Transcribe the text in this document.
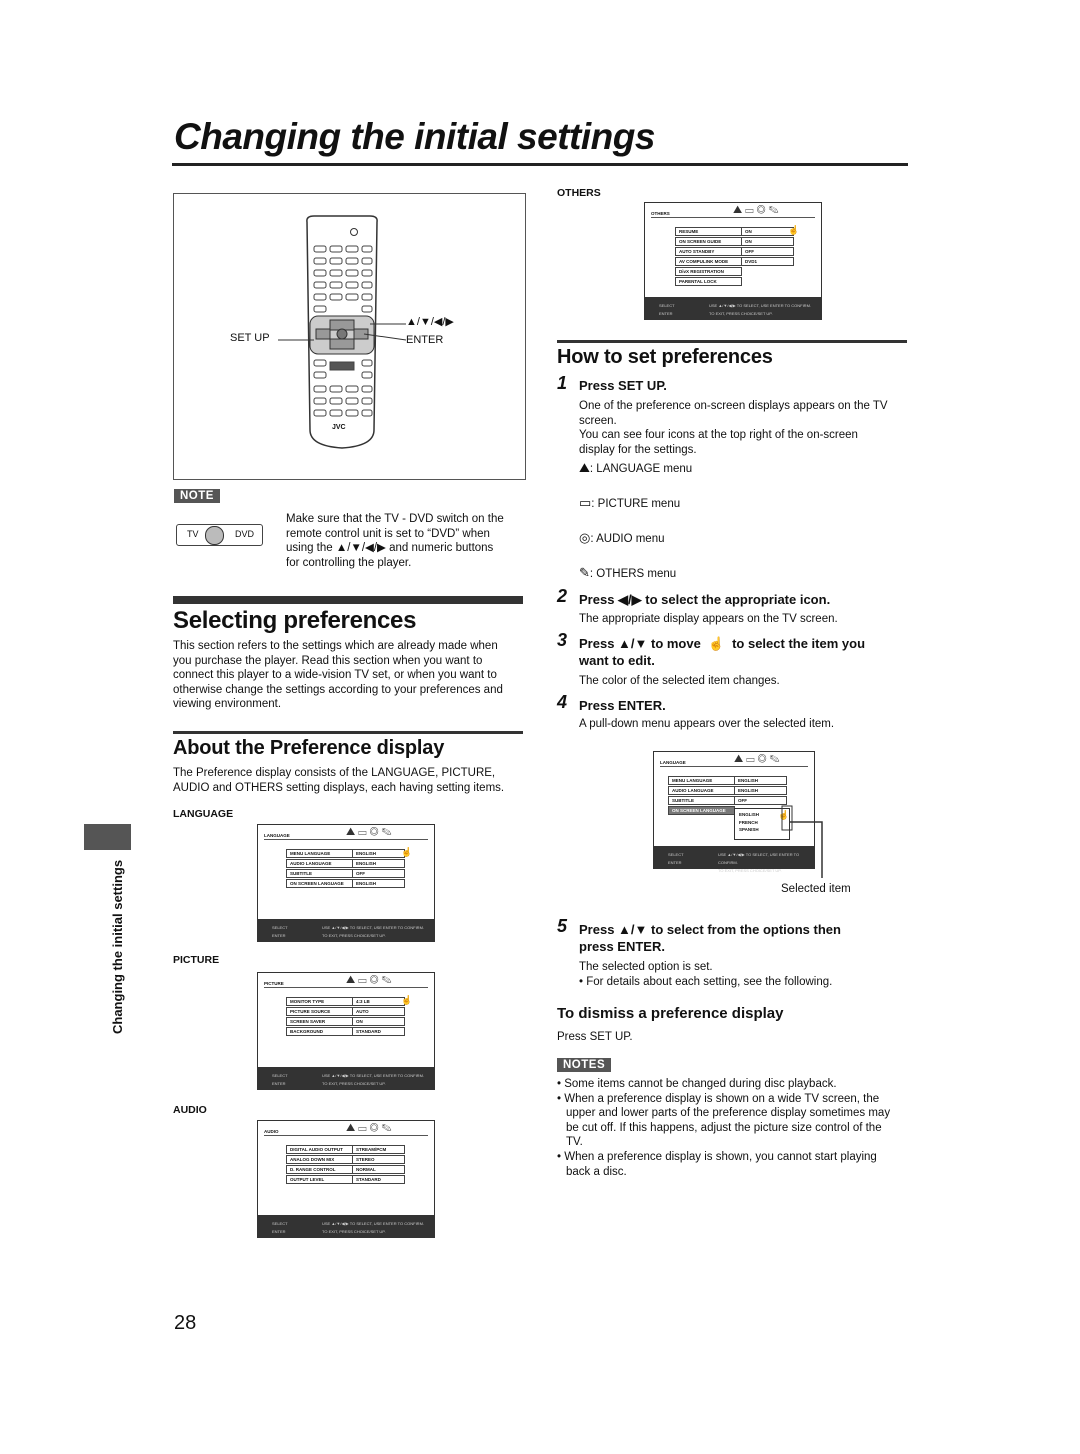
Changing the initial settings
SET UP
▲/▼/◀/▶
ENTER
JVC
NOTE
TV	DVD
Make sure that the TV - DVD switch on the
remote control unit is set to “DVD” when
using the ▲/▼/◀/▶ and numeric buttons
for controlling the player.
Selecting preferences
This section refers to the settings which are already made when
you purchase the player. Read this section when you want to
connect this player to a wide-vision TV set, or when you want to
otherwise change the settings according to your preferences and
viewing environment.
About the Preference display
The Preference display consists of the LANGUAGE, PICTURE,
AUDIO and OTHERS setting displays, each having setting items.
Changing the initial settings
LANGUAGE
LANGUAGE	⛰ ▭ ◎ ✎
MENU LANGUAGE	ENGLISH
AUDIO LANGUAGE	ENGLISH
SUBTITLE	OFF
ON SCREEN LANGUAGE	ENGLISH
☝
SELECT
ENTER
USE ▲/▼/◀/▶ TO SELECT, USE ENTER TO CONFIRM.
TO EXIT, PRESS CHOICE/SET UP.
PICTURE
PICTURE	⛰ ▭ ◎ ✎
MONITOR TYPE	4:3 LB
PICTURE SOURCE	AUTO
SCREEN SAVER	ON
BACKGROUND	STANDARD
☝
SELECT
ENTER
USE ▲/▼/◀/▶ TO SELECT, USE ENTER TO CONFIRM.
TO EXIT, PRESS CHOICE/SET UP.
AUDIO
AUDIO	⛰ ▭ ◎ ✎
DIGITAL AUDIO OUTPUT	STREAM/PCM
ANALOG DOWN MIX	STEREO
D. RANGE CONTROL	NORMAL
OUTPUT LEVEL	STANDARD
SELECT
ENTER
USE ▲/▼/◀/▶ TO SELECT, USE ENTER TO CONFIRM.
TO EXIT, PRESS CHOICE/SET UP.
OTHERS
OTHERS	⛰ ▭ ◎ ✎
RESUME	ON
ON SCREEN GUIDE	ON
AUTO STANDBY	OFF
AV COMPULINK MODE	DVD1
DivX REGISTRATION
PARENTAL LOCK
☝
SELECT
ENTER
USE ▲/▼/◀/▶ TO SELECT, USE ENTER TO CONFIRM.
TO EXIT, PRESS CHOICE/SET UP.
How to set preferences
1 Press SET UP.
One of the preference on-screen displays appears on the TV
screen.
You can see four icons at the top right of the on-screen
display for the settings.
⛰: LANGUAGE menu
▭: PICTURE menu
◎: AUDIO menu
✎: OTHERS menu
2 Press ◀/▶ to select the appropriate icon.
The appropriate display appears on the TV screen.
3 Press ▲/▼ to move ☝ to select the item you
want to edit.
The color of the selected item changes.
4 Press ENTER.
A pull-down menu appears over the selected item.
LANGUAGE	⛰ ▭ ◎ ✎
MENU LANGUAGE	ENGLISH
AUDIO LANGUAGE	ENGLISH
SUBTITLE	OFF
ON SCREEN LANGUAGE
ENGLISH
FRENCH
SPANISH
☝
SELECT
ENTER
USE ▲/▼/◀/▶ TO SELECT, USE ENTER TO CONFIRM.
TO EXIT, PRESS CHOICE/SET UP.
Selected item
5 Press ▲/▼ to select from the options then
press ENTER.
The selected option is set.
• For details about each setting, see the following.
To dismiss a preference display
Press SET UP.
NOTES
• Some items cannot be changed during disc playback.
• When a preference display is shown on a wide TV screen, the
upper and lower parts of the preference display sometimes may
be cut off. If this happens, adjust the picture size control of the
TV.
• When a preference display is shown, you cannot start playing
back a disc.
28
